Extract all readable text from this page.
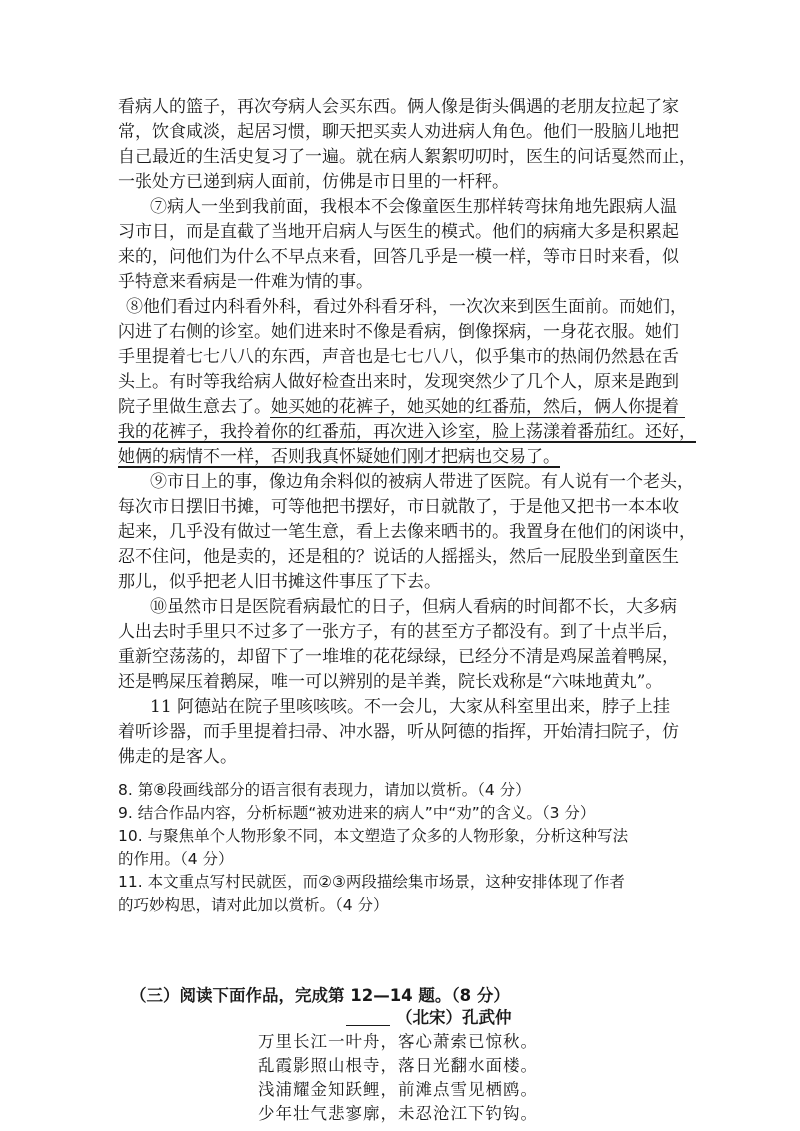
看病人的篮子，再次夸病人会买东西。俩人像是街头偶遇的老朋友拉起了家
常，饮食咸淡，起居习惯，聊天把买卖人劝进病人角色。他们一股脑儿地把
自己最近的生活史复习了一遍。就在病人絮絮叨叨时，医生的问话戛然而止，
一张处方已递到病人面前，仿佛是市日里的一杆秤。
⑦病人一坐到我前面，我根本不会像童医生那样转弯抹角地先跟病人温
习市日，而是直截了当地开启病人与医生的模式。他们的病痛大多是积累起
来的，问他们为什么不早点来看，回答几乎是一模一样，等市日时来看，似
乎特意来看病是一件难为情的事。
⑧他们看过内科看外科，看过外科看牙科，一次次来到医生面前。而她们，
闪进了右侧的诊室。她们进来时不像是看病，倒像探病，一身花衣服。她们
手里提着七七八八的东西，声音也是七七八八，似乎集市的热闹仍然悬在舌
头上。有时等我给病人做好检查出来时，发现突然少了几个人，原来是跑到
院子里做生意去了。她买她的花裤子，她买她的红番茄，然后，俩人你提着
我的花裤子，我拎着你的红番茄，再次进入诊室，脸上荡漾着番茄红。还好，
她俩的病情不一样，否则我真怀疑她们刚才把病也交易了。
⑨市日上的事，像边角余料似的被病人带进了医院。有人说有一个老头，
每次市日摆旧书摊，可等他把书摆好，市日就散了，于是他又把书一本本收
起来，几乎没有做过一笔生意，看上去像来晒书的。我置身在他们的闲谈中，
忍不住问，他是卖的，还是租的？说话的人摇摇头，然后一屁股坐到童医生
那儿，似乎把老人旧书摊这件事压了下去。
⑩虽然市日是医院看病最忙的日子，但病人看病的时间都不长，大多病
人出去时手里只不过多了一张方子，有的甚至方子都没有。到了十点半后，
重新空荡荡的，却留下了一堆堆的花花绿绿，已经分不清是鸡屎盖着鸭屎，
还是鸭屎压着鹅屎，唯一可以辨别的是羊粪，院长戏称是“六味地黄丸”。
11 阿德站在院子里咳咳咳。不一会儿，大家从科室里出来，脖子上挂
着听诊器，而手里提着扫帚、冲水器，听从阿德的指挥，开始清扫院子，仿
佛走的是客人。
8. 第⑧段画线部分的语言很有表现力，请加以赏析。（4 分）
9. 结合作品内容，分析标题“被劝进来的病人”中“劝”的含义。（3 分）
10. 与聚焦单个人物形象不同，本文塑造了众多的人物形象，分析这种写法
的作用。（4 分）
11. 本文重点写村民就医，而②③两段描绘集市场景，这种安排体现了作者
的巧妙构思，请对此加以赏析。（4 分）
（三）阅读下面作品，完成第 12—14 题。（8 分）
（北宋）孔武仲
万里长江一叶舟，客心萧索已惊秋。
乱霞影照山根寺，落日光翻水面楼。
浅浦耀金知跃鲤，前滩点雪见栖鸥。
少年壮气悲寥廓，未忍沧江下钓钩。
